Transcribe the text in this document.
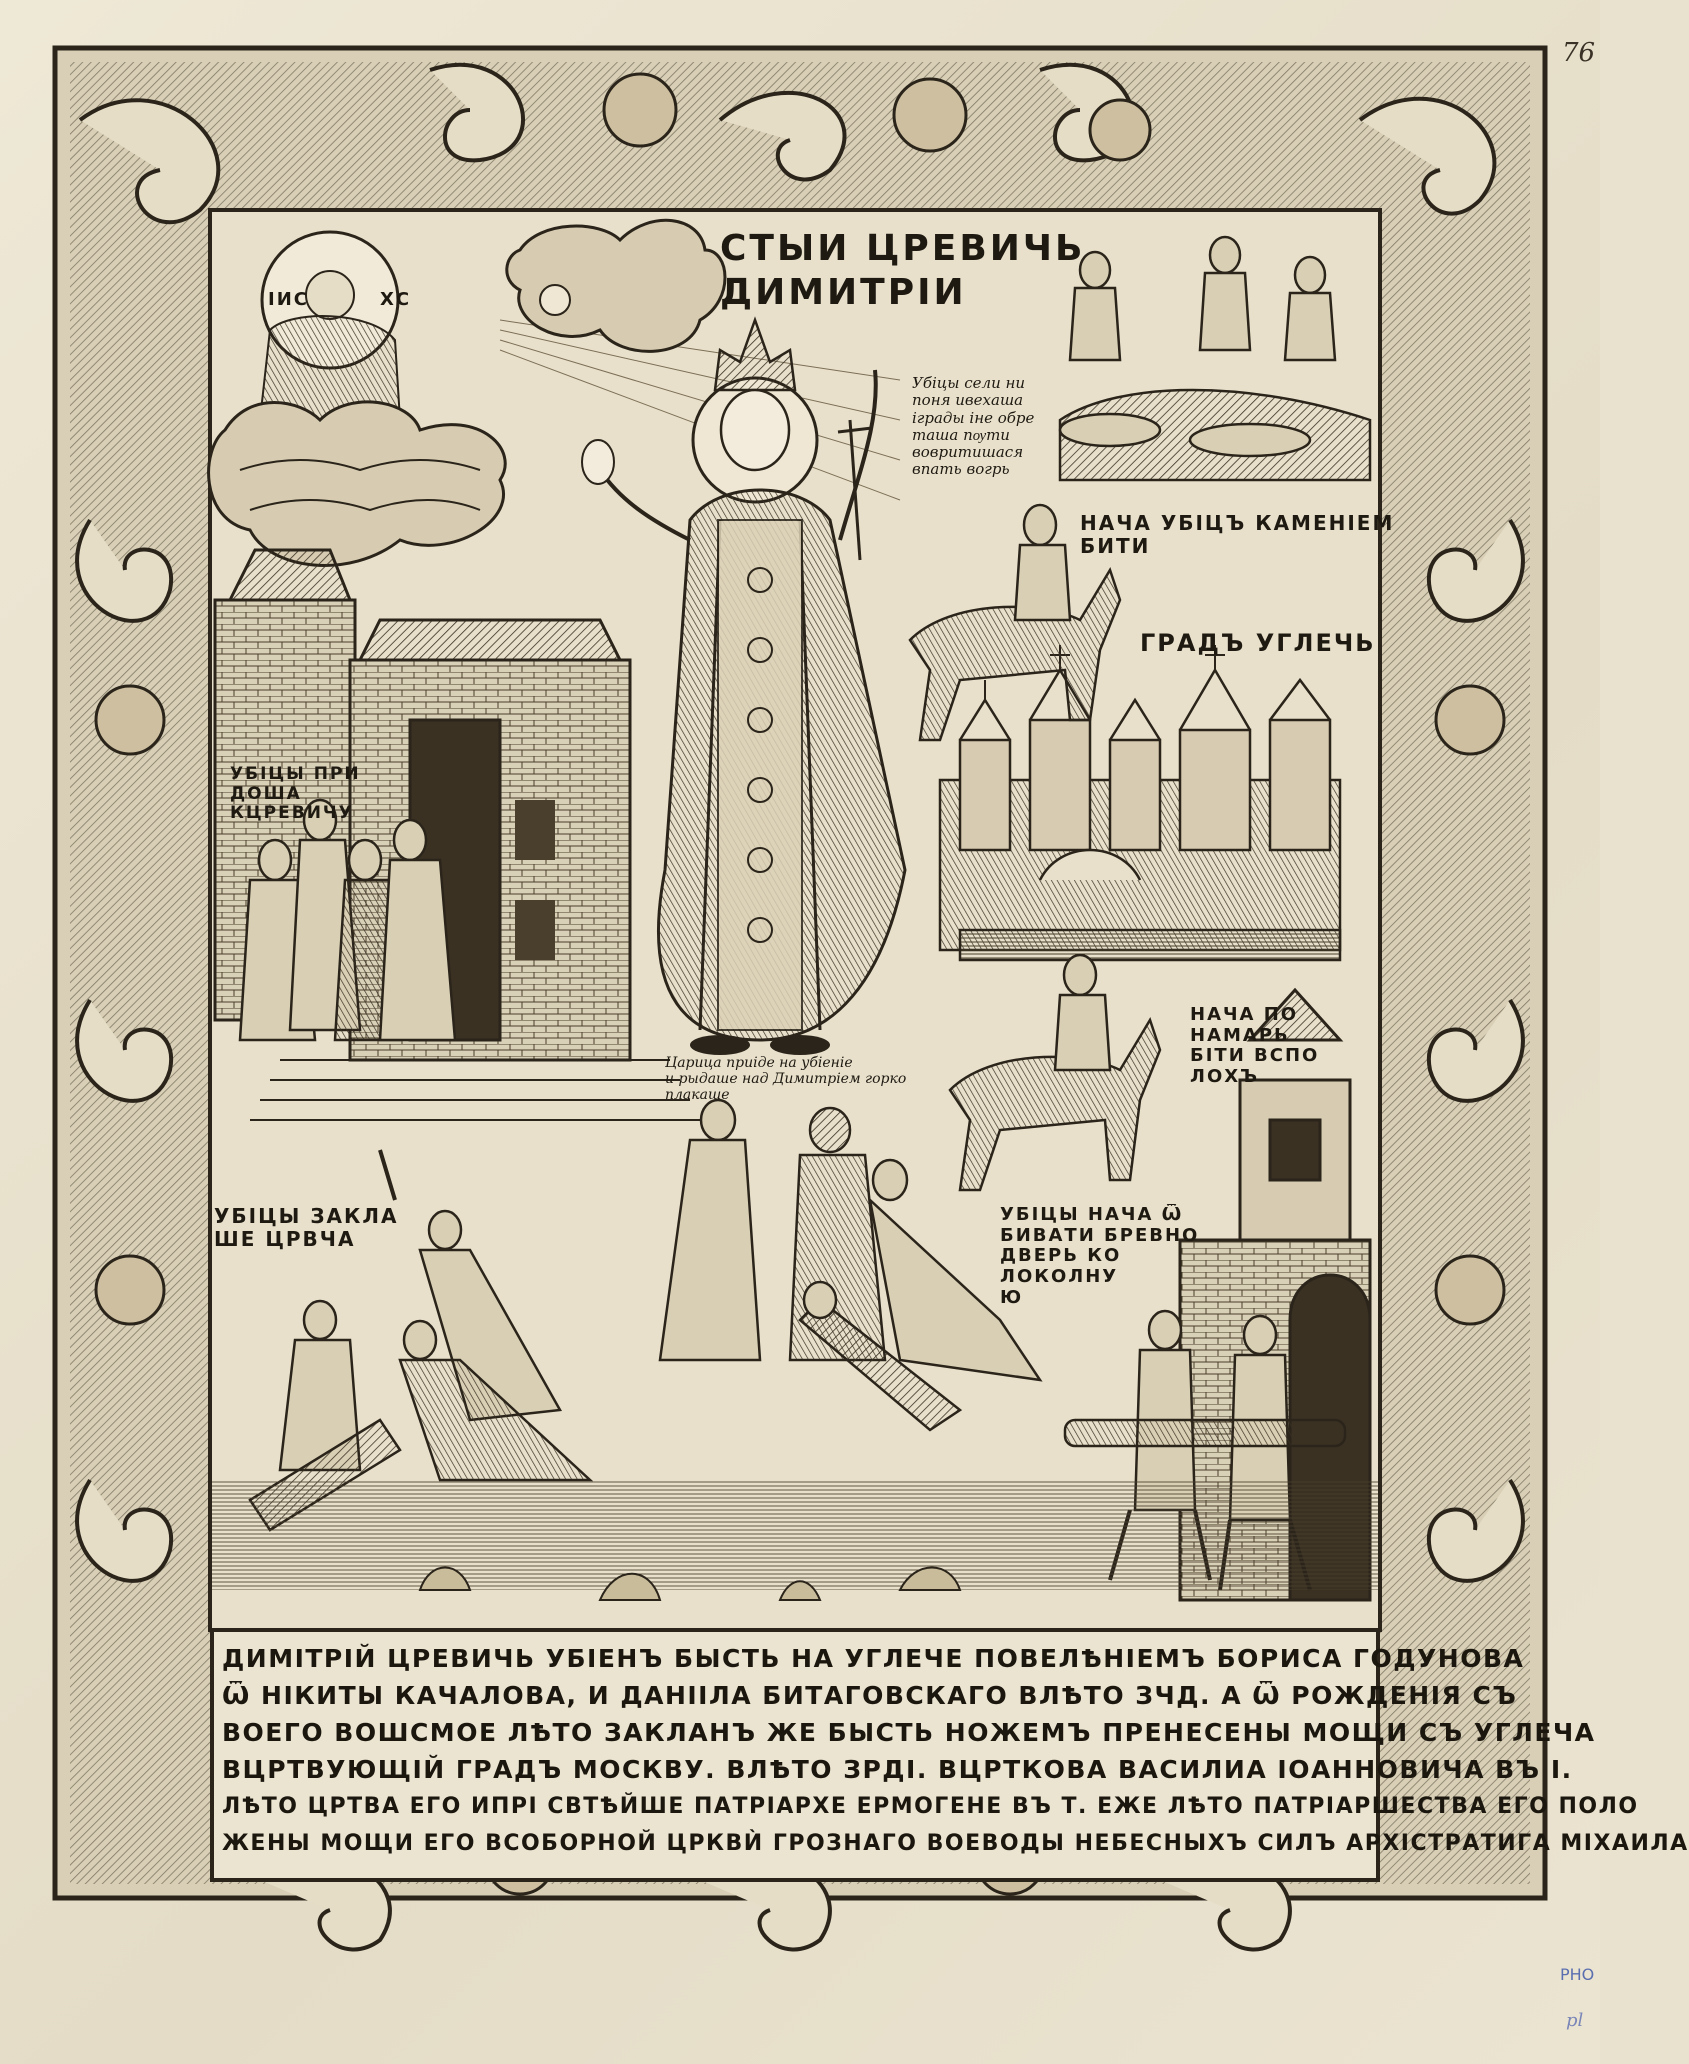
СТЫИ ЦРЕВИЧЬ
ДИМИТРІИ
ІИС	ХС
УБІЦЫ ПРИ
ДОША
КЦРЕВИЧУ
НАЧА УБІЦЪ КАМЕНІЕМ
БИТИ
ГРАДЪ УГЛЕЧЬ
НАЧА ПО
НАМАРЬ
БІТИ ВСПО
ЛОХЪ
УБІЦЫ ЗАКЛА
ШЕ ЦРВЧА
УБІЦЫ НАЧА Ѿ
БИВАТИ БРЕВНО
ДВЕРЬ КО
ЛОКОЛНУ
Ю
Убіцы сели ни
поня ивехаша
іграды іне обре
таша пѹти
вовритишася
впать вогрь
Царица приіде на убіеніе
и рыдаше над Димитріем горко
плакаше
ДИМІТРІЙ ЦРЕВИЧЬ УБІЕНЪ БЫСТЬ НА УГЛЕЧЕ ПОВЕЛѢНІЕМЪ БОРИСА ГОДУНОВА
Ѿ НІКИТЫ КАЧАЛОВА, И ДАНІІЛА БИТАГОВСКАГО ВЛѢТО ЗЧД. А Ѿ РОЖДЕНІЯ СЪ
ВОЕГО ВОШСМОЕ ЛѢТО ЗАКЛАНЪ ЖЕ БЫСТЬ НОЖЕМЪ ПРЕНЕСЕНЫ МОЩИ СЪ УГЛЕЧА
ВЦРТВУЮЩІЙ ГРАДЪ МОСКВУ. ВЛѢТО ЗРДІ. ВЦРТКОВА ВАСИЛИА ІОАННОВИЧА ВЪ І.
ЛѢТО ЦРТВА ЕГО ИПРІ СВТѢЙШЕ ПАТРІАРХЕ ЕРМОГЕНЕ ВЪ Т. ЕЖЕ ЛѢТО ПАТРІАРШЕСТВА ЕГО ПОЛО
ЖЕНЫ МОЩИ ЕГО ВСОБОРНОЙ ЦРКВЍ ГРОЗНАГО ВОЕВОДЫ НЕБЕСНЫХЪ СИЛЪ АРХІСТРАТИГА МІХАИЛА
76
PHO
pl
